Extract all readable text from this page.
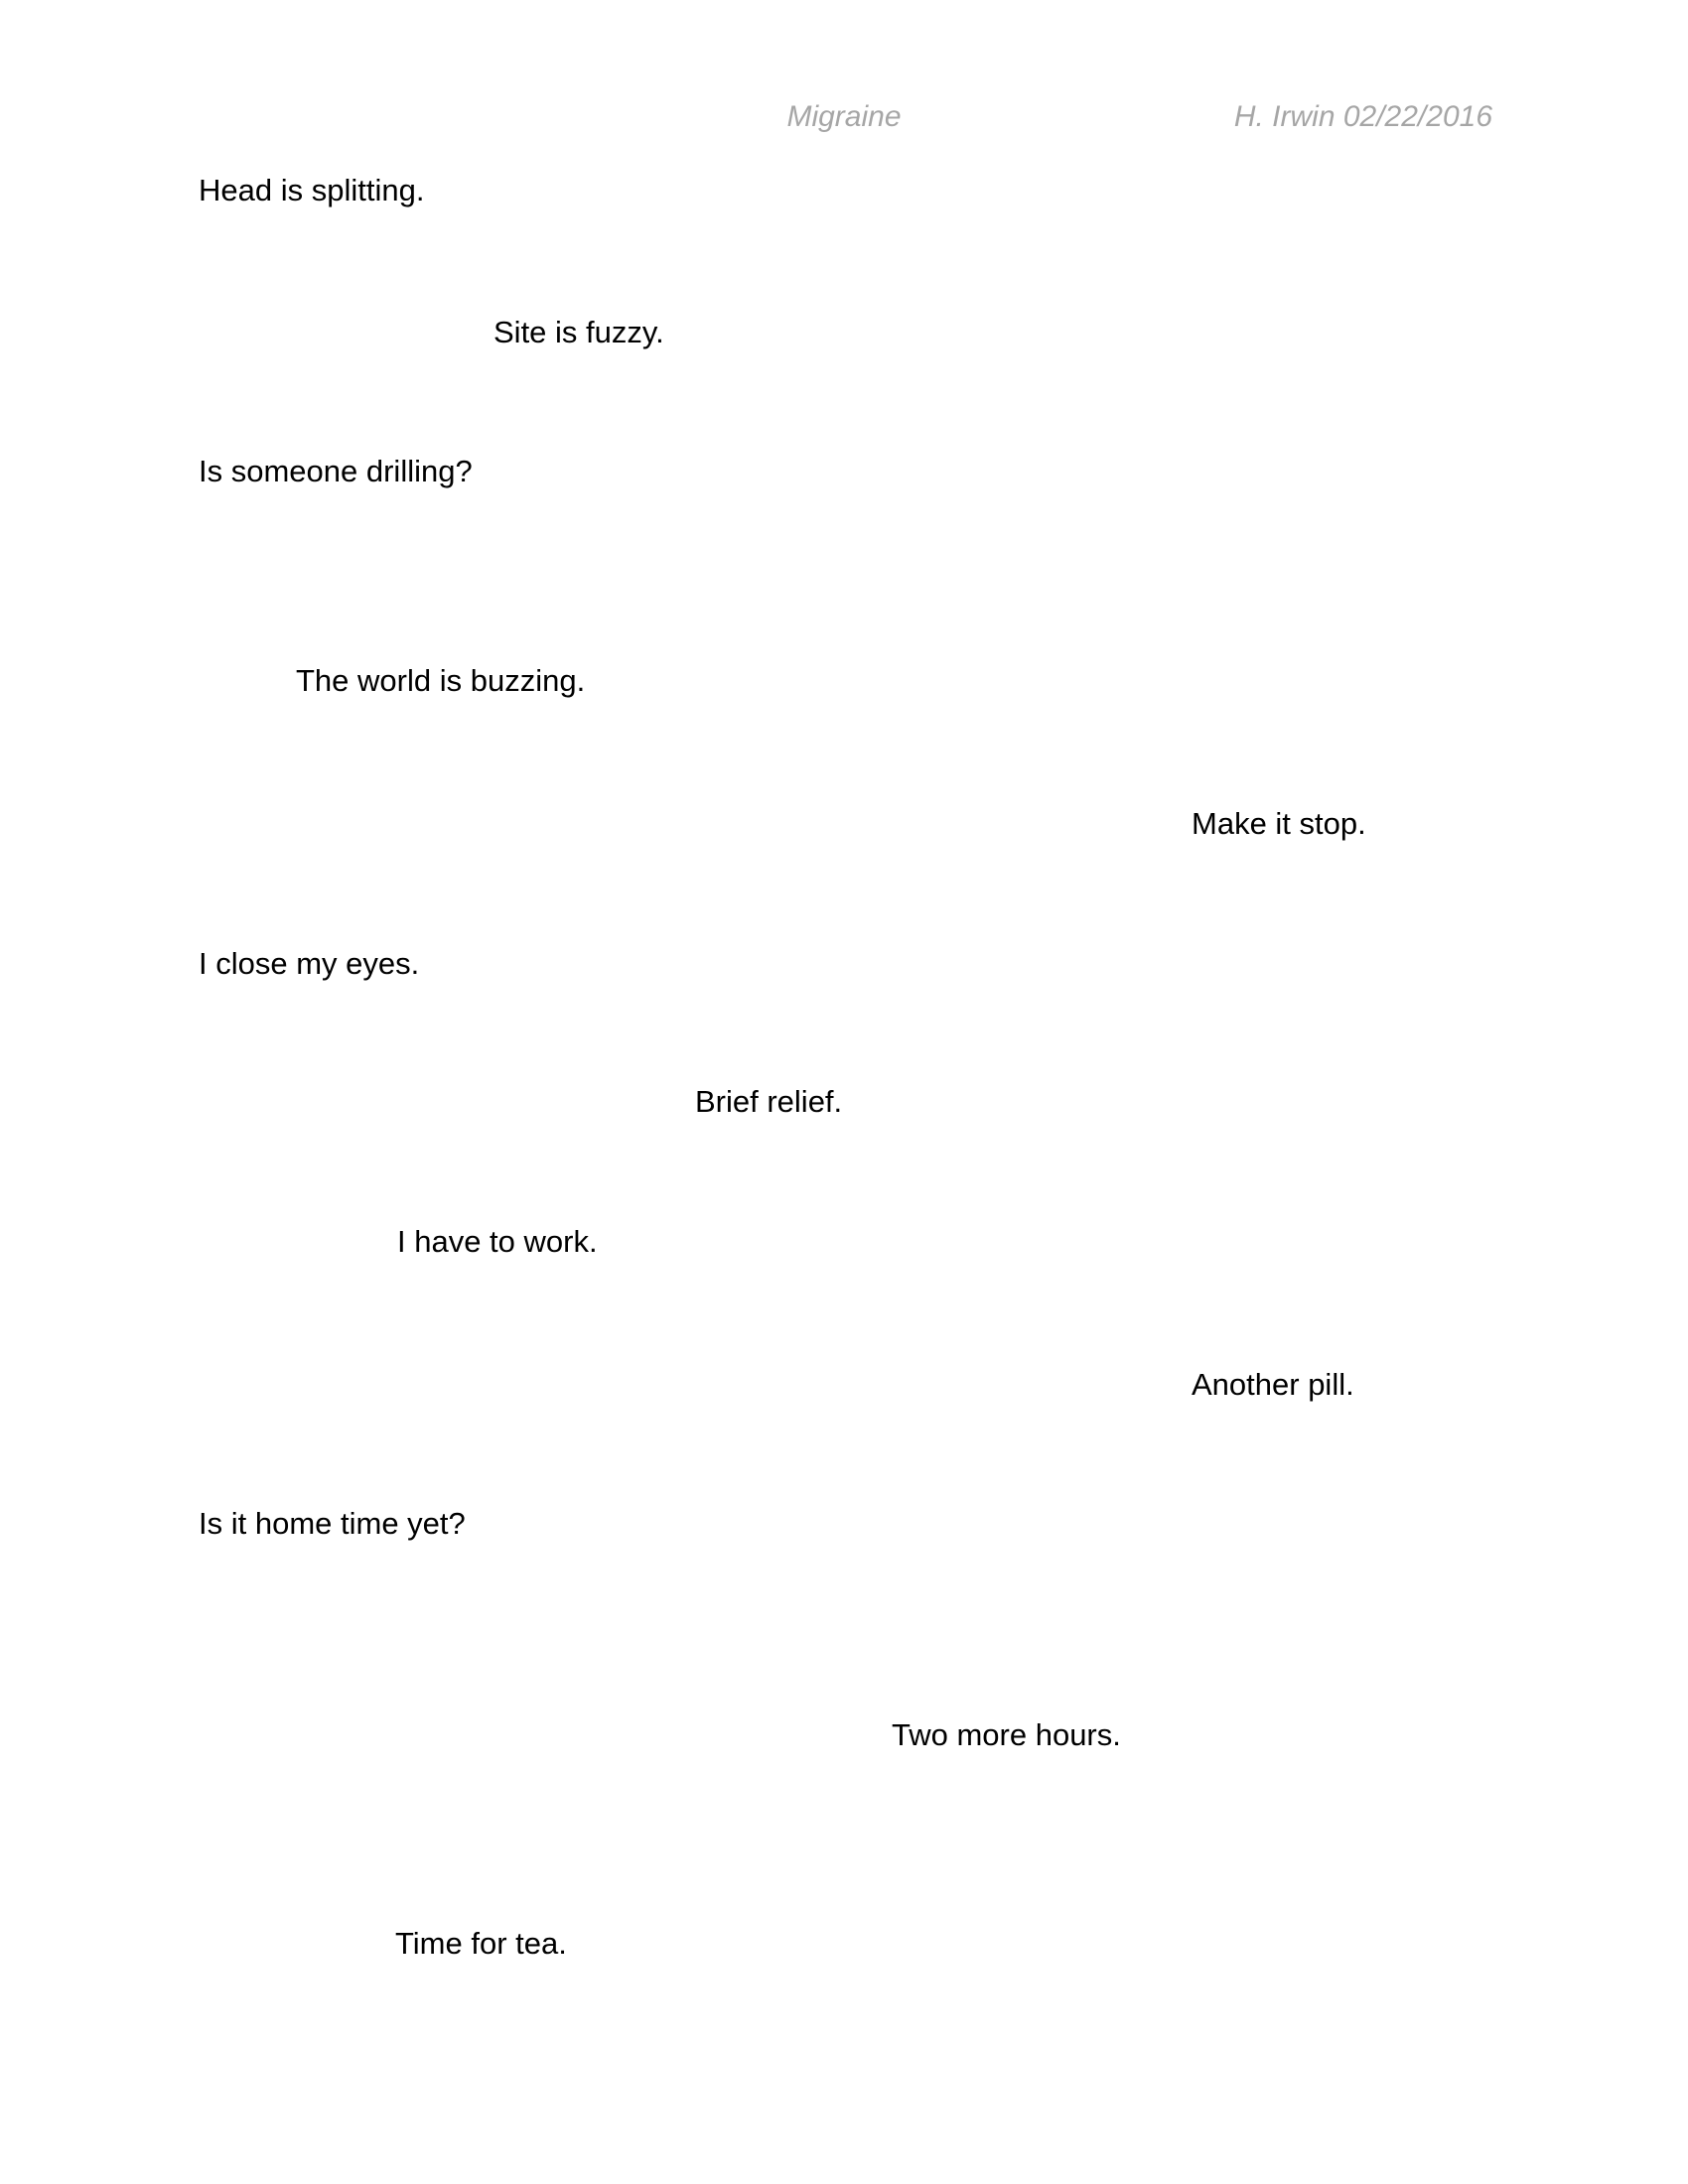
Migraine	H. Irwin 02/22/2016
Head is splitting.
Site is fuzzy.
Is someone drilling?
The world is buzzing.
Make it stop.
I close my eyes.
Brief relief.
I have to work.
Another pill.
Is it home time yet?
Two more hours.
Time for tea.
